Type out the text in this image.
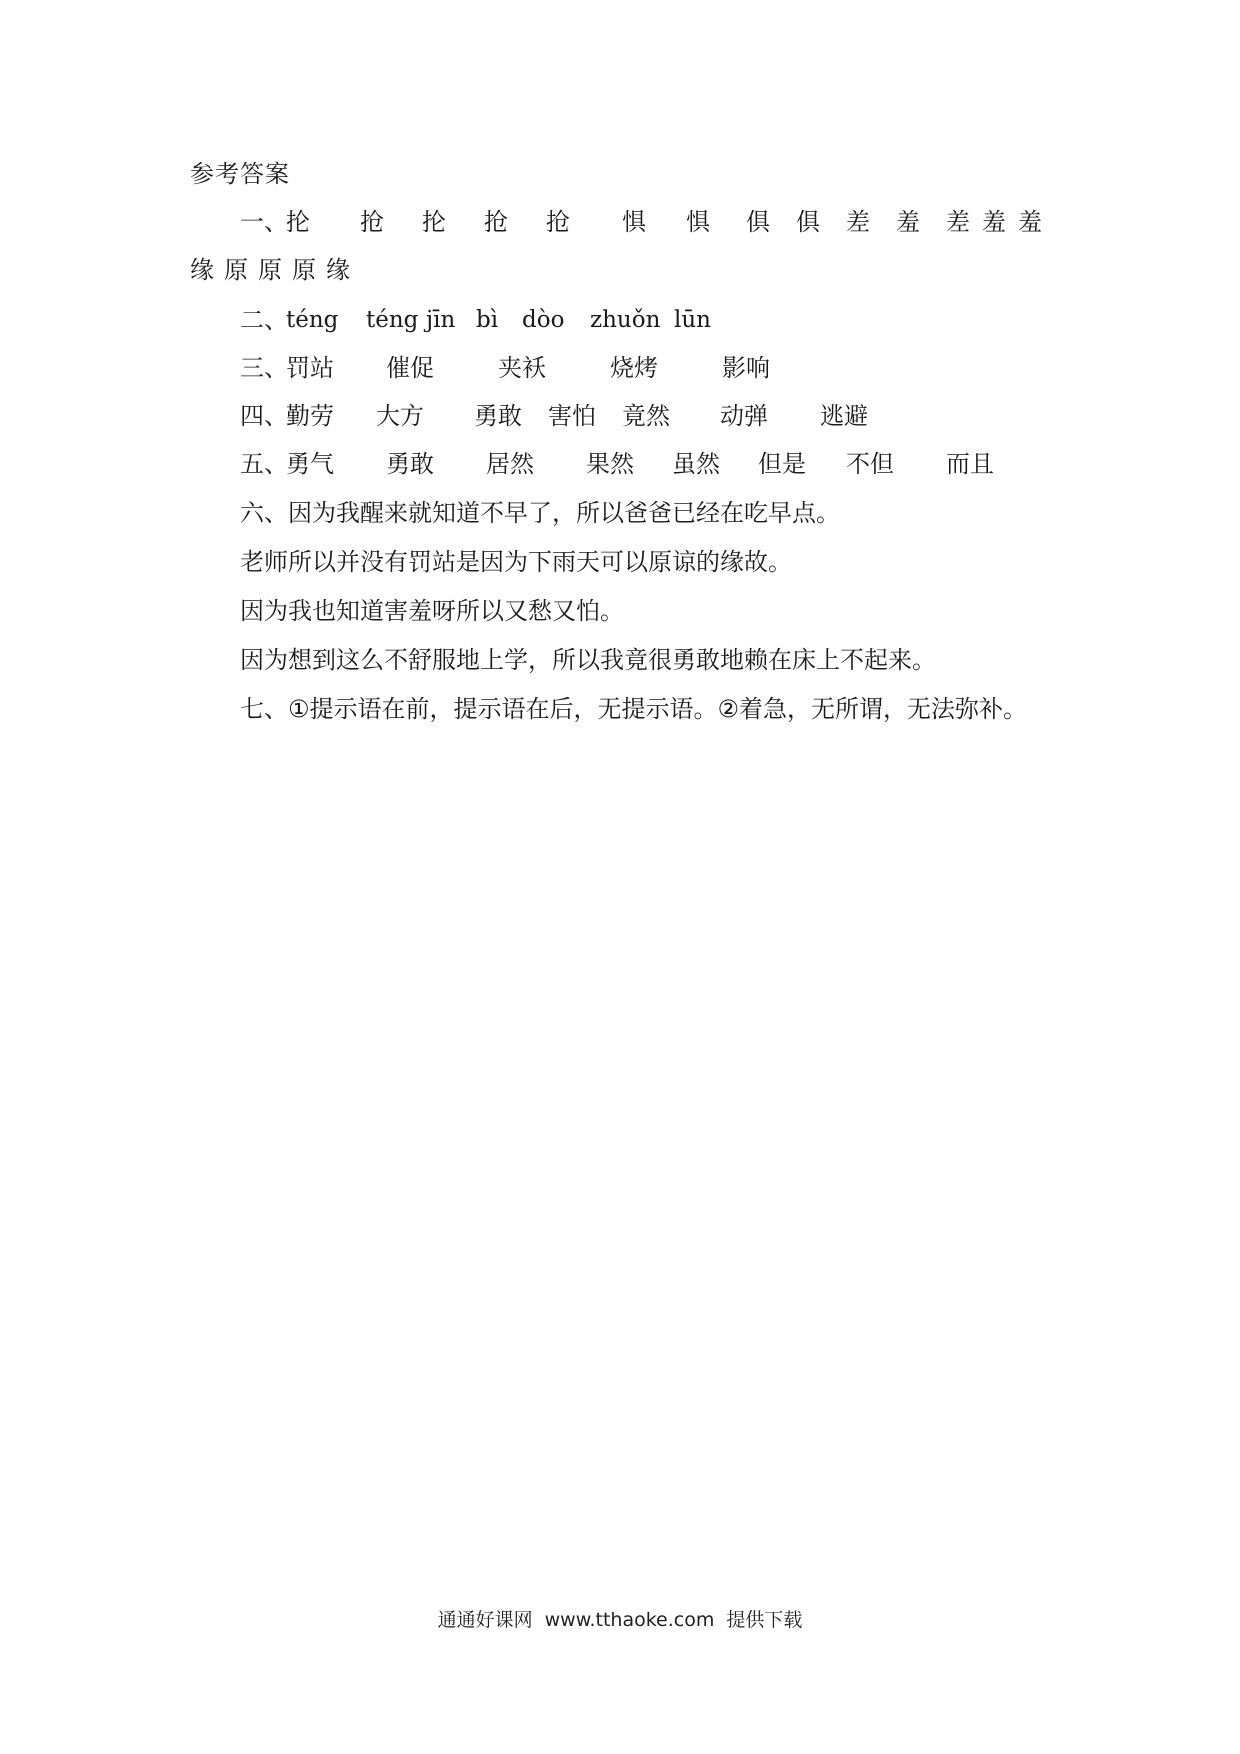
参考答案
一、
抡 抢 抡 抢 抢 惧 惧 俱 俱 差 羞 差 羞 羞
缘 原 原 原 缘
二、
téng téng jīn bì dòo zhuǒn lūn
三、
罚站 催促	夹袄	烧烤	影响
四、
勤劳 大方 勇敢 害怕 竟然 动弹 逃避
五、
勇气 勇敢 居然 果然 虽然 但是 不但 而且
六、因为我醒来就知道不早了，所以爸爸已经在吃早点。
老师所以并没有罚站是因为下雨天可以原谅的缘故。
因为我也知道害羞呀所以又愁又怕。
因为想到这么不舒服地上学，所以我竟很勇敢地赖在床上不起来。
七、①提示语在前，提示语在后，无提示语。②着急，无所谓，无法弥补。
通通好课网 www.tthaoke.com 提供下载
